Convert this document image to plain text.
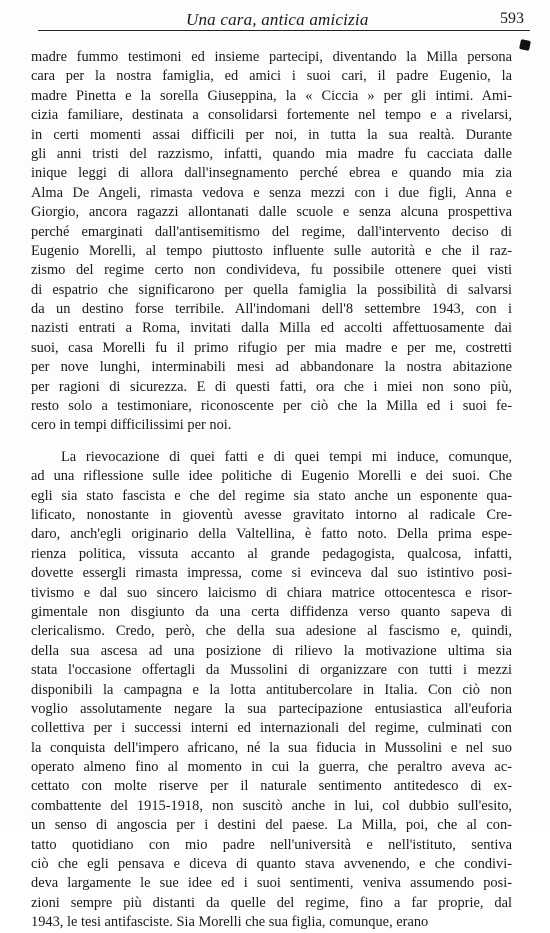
Una cara, antica amicizia	593
madre fummo testimoni ed insieme partecipi, diventando la Milla persona
cara per la nostra famiglia, ed amici i suoi cari, il padre Eugenio, la
madre Pinetta e la sorella Giuseppina, la « Ciccia » per gli intimi. Ami-
cizia familiare, destinata a consolidarsi fortemente nel tempo e a rivelarsi,
in certi momenti assai difficili per noi, in tutta la sua realtà. Durante
gli anni tristi del razzismo, infatti, quando mia madre fu cacciata dalle
inique leggi di allora dall'insegnamento perché ebrea e quando mia zia
Alma De Angeli, rimasta vedova e senza mezzi con i due figli, Anna e
Giorgio, ancora ragazzi allontanati dalle scuole e senza alcuna prospettiva
perché emarginati dall'antisemitismo del regime, dall'intervento deciso di
Eugenio Morelli, al tempo piuttosto influente sulle autorità e che il raz-
zismo del regime certo non condivideva, fu possibile ottenere quei visti
di espatrio che significarono per quella famiglia la possibilità di salvarsi
da un destino forse terribile. All'indomani dell'8 settembre 1943, con i
nazisti entrati a Roma, invitati dalla Milla ed accolti affettuosamente dai
suoi, casa Morelli fu il primo rifugio per mia madre e per me, costretti
per nove lunghi, interminabili mesi ad abbandonare la nostra abitazione
per ragioni di sicurezza. E di questi fatti, ora che i miei non sono più,
resto solo a testimoniare, riconoscente per ciò che la Milla ed i suoi fe-
cero in tempi difficilissimi per noi.
La rievocazione di quei fatti e di quei tempi mi induce, comunque,
ad una riflessione sulle idee politiche di Eugenio Morelli e dei suoi. Che
egli sia stato fascista e che del regime sia stato anche un esponente qua-
lificato, nonostante in gioventù avesse gravitato intorno al radicale Cre-
daro, anch'egli originario della Valtellina, è fatto noto. Della prima espe-
rienza politica, vissuta accanto al grande pedagogista, qualcosa, infatti,
dovette essergli rimasta impressa, come si evinceva dal suo istintivo posi-
tivismo e dal suo sincero laicismo di chiara matrice ottocentesca e risor-
gimentale non disgiunto da una certa diffidenza verso quanto sapeva di
clericalismo. Credo, però, che della sua adesione al fascismo e, quindi,
della sua ascesa ad una posizione di rilievo la motivazione ultima sia
stata l'occasione offertagli da Mussolini di organizzare con tutti i mezzi
disponibili la campagna e la lotta antitubercolare in Italia. Con ciò non
voglio assolutamente negare la sua partecipazione entusiastica all'euforia
collettiva per i successi interni ed internazionali del regime, culminati con
la conquista dell'impero africano, né la sua fiducia in Mussolini e nel suo
operato almeno fino al momento in cui la guerra, che peraltro aveva ac-
cettato con molte riserve per il naturale sentimento antitedesco di ex-
combattente del 1915-1918, non suscitò anche in lui, col dubbio sull'esito,
un senso di angoscia per i destini del paese. La Milla, poi, che al con-
tatto quotidiano con mio padre nell'università e nell'istituto, sentiva
ciò che egli pensava e diceva di quanto stava avvenendo, e che condivi-
deva largamente le sue idee ed i suoi sentimenti, veniva assumendo posi-
zioni sempre più distanti da quelle del regime, fino a far proprie, dal
1943, le tesi antifasciste. Sia Morelli che sua figlia, comunque, erano
